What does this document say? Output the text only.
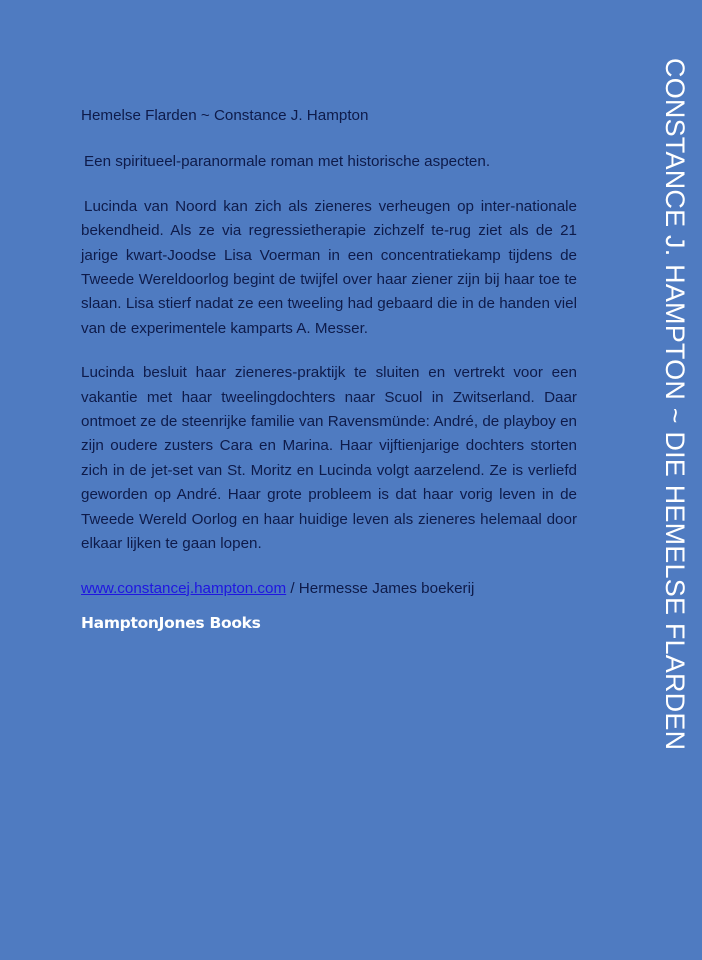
Hemelse Flarden ~ Constance J. Hampton
Een spiritueel-paranormale roman met historische aspecten.
Lucinda van Noord kan zich als zieneres verheugen op inter-nationale bekendheid. Als ze via regressietherapie zichzelf te-rug ziet als de 21 jarige kwart-Joodse Lisa Voerman in een concentratiekamp tijdens de Tweede Wereldoorlog begint de twijfel over haar ziener zijn bij haar toe te slaan. Lisa stierf nadat ze een tweeling had gebaard die in de handen viel van de experimentele kamparts A. Messer.
Lucinda besluit haar zieneres-praktijk te sluiten en vertrekt voor een vakantie met haar tweelingdochters naar Scuol in Zwitserland. Daar ontmoet ze de steenrijke familie van Ravensmünde: André, de playboy en zijn oudere zusters Cara en Marina. Haar vijftienjarige dochters storten zich in de jet-set van St. Moritz en Lucinda volgt aarzelend. Ze is verliefd geworden op André. Haar grote probleem is dat haar vorig leven in de Tweede Wereld Oorlog en haar huidige leven als zieneres helemaal door elkaar lijken te gaan lopen.
www.constancej.hampton.com / Hermesse James boekerij
HamptonJones Books	CONSTANCE J. HAMPTON ~ DIE HEMELSE FLARDEN
